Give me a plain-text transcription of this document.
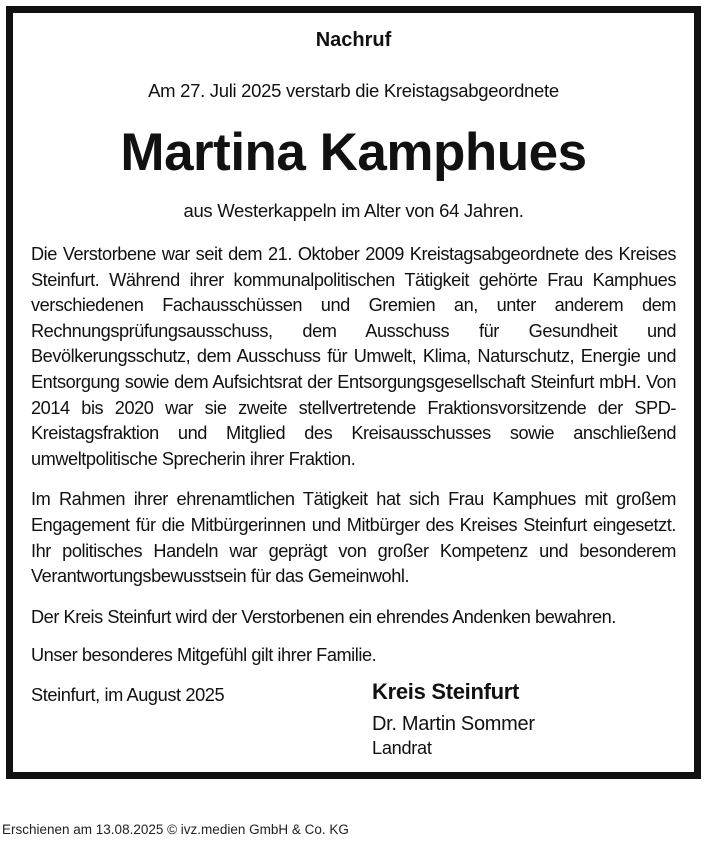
Nachruf
Am 27. Juli 2025 verstarb die Kreistagsabgeordnete
Martina Kamphues
aus Westerkappeln im Alter von 64 Jahren.

Die Verstorbene war seit dem 21. Oktober 2009 Kreistagsabgeordnete des Kreises Steinfurt. Während ihrer kommunalpolitischen Tätigkeit gehörte Frau Kamphues verschiedenen Fachausschüssen und Gremien an, unter anderem dem Rechnungsprüfungsausschuss, dem Ausschuss für Gesundheit und Bevölkerungsschutz, dem Ausschuss für Umwelt, Klima, Naturschutz, Energie und Entsorgung sowie dem Aufsichtsrat der Entsorgungsgesellschaft Steinfurt mbH. Von 2014 bis 2020 war sie zweite stellvertretende Fraktionsvorsitzende der SPD-Kreistagsfraktion und Mitglied des Kreisausschusses sowie anschließend umweltpolitische Sprecherin ihrer Fraktion.

Im Rahmen ihrer ehrenamtlichen Tätigkeit hat sich Frau Kamphues mit großem Engagement für die Mitbürgerinnen und Mitbürger des Kreises Steinfurt eingesetzt. Ihr politisches Handeln war geprägt von großer Kompetenz und besonderem Verantwortungsbewusstsein für das Gemeinwohl.

Der Kreis Steinfurt wird der Verstorbenen ein ehrendes Andenken bewahren.

Unser besonderes Mitgefühl gilt ihrer Familie.

Steinfurt, im August 2025	Kreis Steinfurt
Dr. Martin Sommer
Landrat
Erschienen am 13.08.2025 © ivz.medien GmbH & Co. KG
